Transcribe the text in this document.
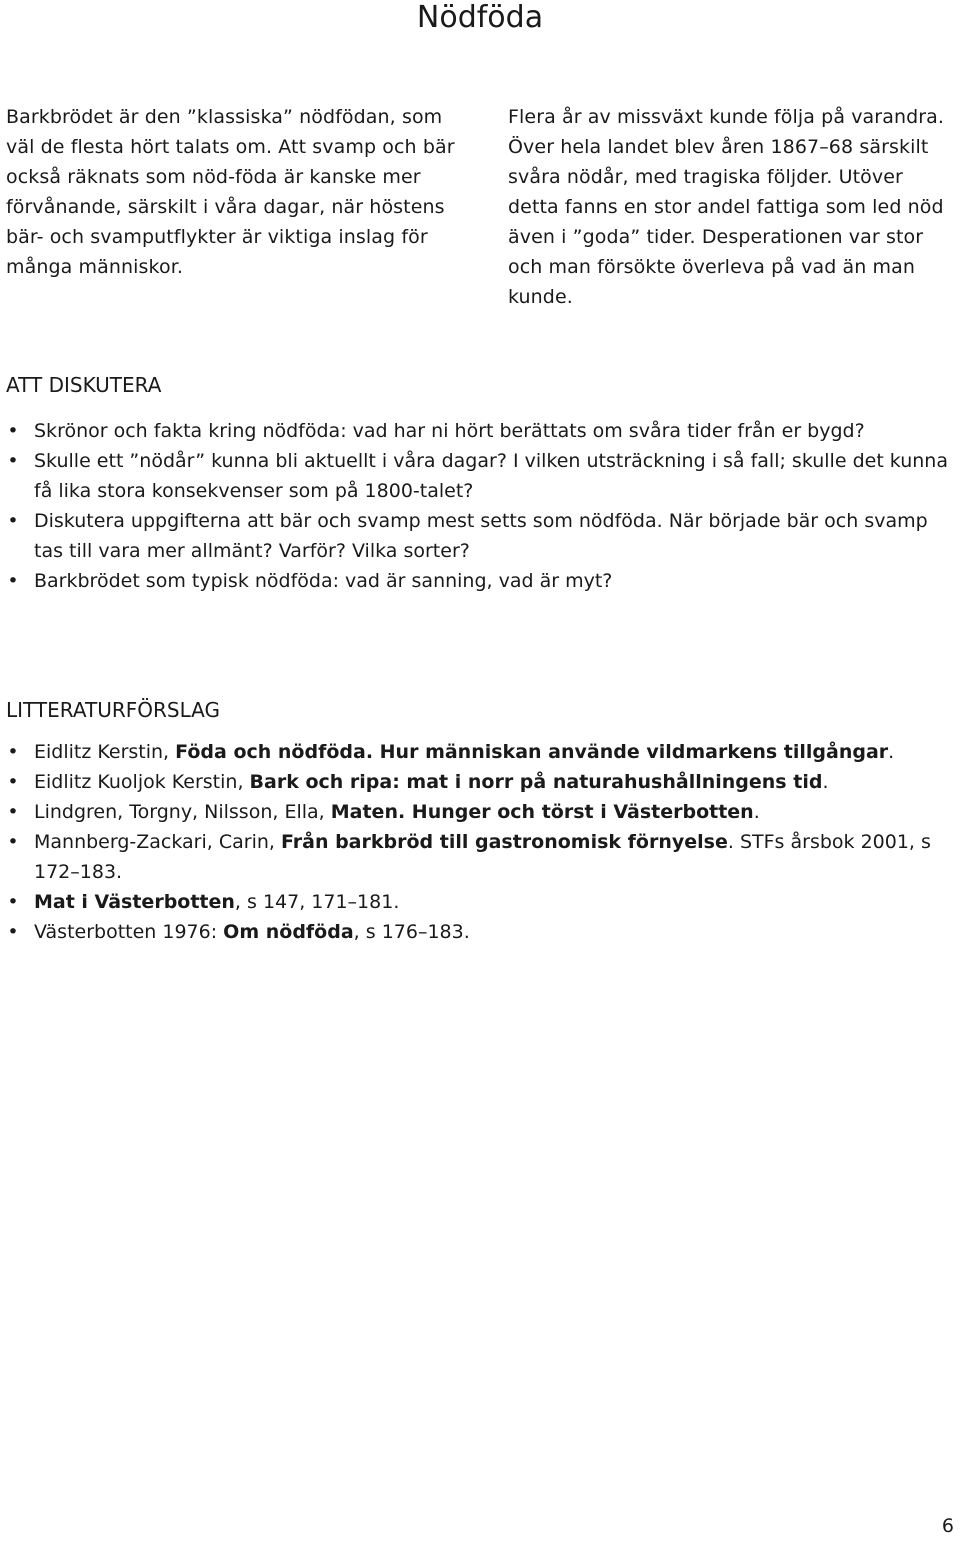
Nödföda

Barkbrödet är den ”klassiska” nödfödan, som väl de flesta hört talats om. Att svamp och bär också räknats som nöd-föda är kanske mer förvånande, särskilt i våra dagar, när höstens bär- och svamputflykter är viktiga inslag för många människor.

Flera år av missväxt kunde följa på varandra. Över hela landet blev åren 1867–68 särskilt svåra nödår, med tragiska följder. Utöver detta fanns en stor andel fattiga som led nöd även i ”goda” tider. Desperationen var stor och man försökte överleva på vad än man kunde.

ATT DISKUTERA
• Skrönor och fakta kring nödföda: vad har ni hört berättats om svåra tider från er bygd?
• Skulle ett ”nödår” kunna bli aktuellt i våra dagar? I vilken utsträckning i så fall; skulle det kunna få lika stora konsekvenser som på 1800-talet?
• Diskutera uppgifterna att bär och svamp mest setts som nödföda. När började bär och svamp tas till vara mer allmänt? Varför? Vilka sorter?
• Barkbrödet som typisk nödföda: vad är sanning, vad är myt?
LITTERATURFÖRSLAG
• Eidlitz Kerstin, Föda och nödföda. Hur människan använde vildmarkens tillgångar.
• Eidlitz Kuoljok Kerstin, Bark och ripa: mat i norr på naturahushållningens tid.
• Lindgren, Torgny, Nilsson, Ella, Maten. Hunger och törst i Västerbotten.
• Mannberg-Zackari, Carin, Från barkbröd till gastronomisk förnyelse. STFs årsbok 2001, s 172–183.
• Mat i Västerbotten, s 147, 171–181.
• Västerbotten 1976: Om nödföda, s 176–183.

6
